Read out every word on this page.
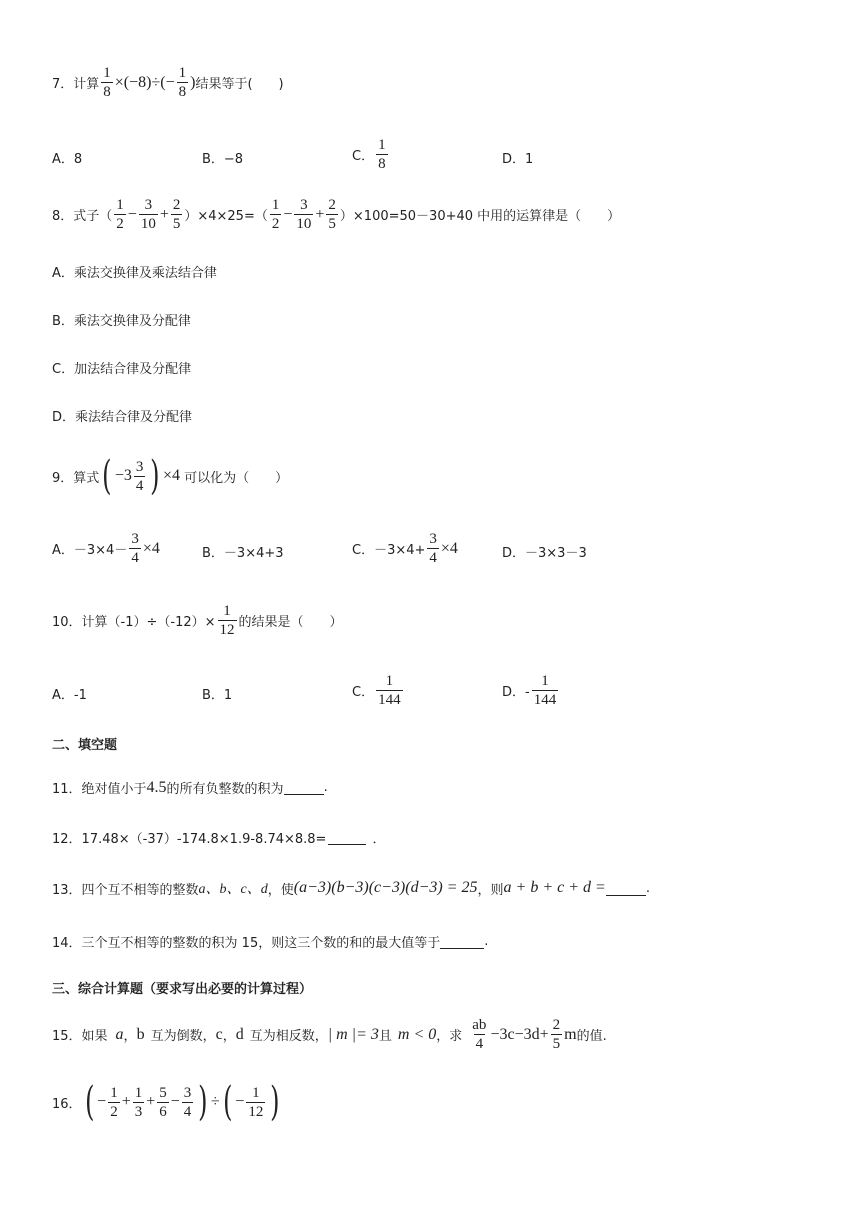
7．计算 $\frac{1}{8} \times(-8)\div(- \frac{1}{8}$ ) 结果等于(　　)
A．8	B．−8	C． $\frac{1}{8}$	D．1
8．式子（ $\frac{1}{2} - \frac{3}{10} + \frac{2}{5} )\times 4\times 25=( \frac{1}{2} - \frac{3}{10} + \frac{2}{5} )\times 100=50-30+40$ 中用的运算律是（　　）
A．乘法交换律及乘法结合律
B．乘法交换律及分配律
C．加法结合律及分配律
D．乘法结合律及分配律
9．算式 ( $-3 \frac{3}{4}$ ) ×4 可以化为（　　）
A．$-3\times 4- \frac{3}{4} \times 4$	B．－3×4+3	C．$-3\times 4+ \frac{3}{4} \times 4$	D．－3×3－3
10．计算$(-1)\div(-12)\times \frac{1}{12}$ 的结果是（　　）
A．-1	B．1	C． $\frac{1}{144}$	D．- $\frac{1}{144}$
二、填空题
11．绝对值小于 4.5 的所有负整数的积为	.
12．17.48×（-37）-174.8×1.9-8.74×8.8=	．
13．四个互不相等的整数 a、b、c、d ，使 (a−3)(b−3)(c−3)(d−3) = 25 ，则 a + b + c + d =	.
14．三个互不相等的整数的积为 15，则这三个数的和的最大值等于	.
三、综合计算题（要求写出必要的计算过程）
15．如果 a ， b 互为倒数， c ， d 互为相反数， | m |= 3 且 m < 0 ，求 $\frac{ab}{4} -3c-3d+ \frac{2}{5}$ m 的值.
16． ( − $\frac{1}{2} + \frac{1}{3} + \frac{5}{6} - \frac{3}{4}$ ) ÷ ( − $\frac{1}{12}$ )
